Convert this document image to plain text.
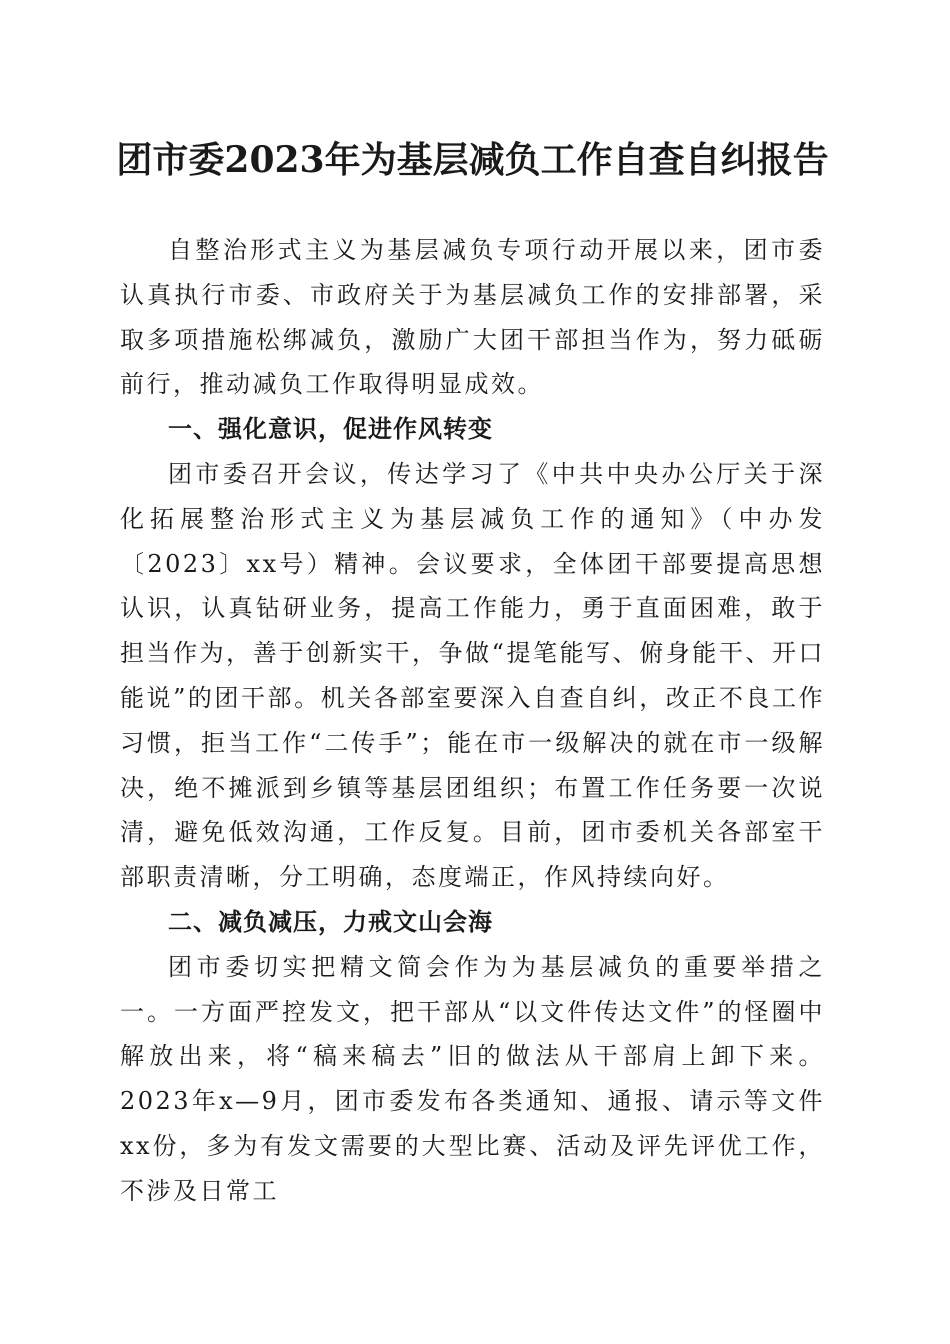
团市委2023年为基层减负工作自查自纠报告

自整治形式主义为基层减负专项行动开展以来，团市委认真执行市委、市政府关于为基层减负工作的安排部署，采取多项措施松绑减负，激励广大团干部担当作为，努力砥砺前行，推动减负工作取得明显成效。

一、强化意识，促进作风转变

团市委召开会议，传达学习了《中共中央办公厅关于深化拓展整治形式主义为基层减负工作的通知》（中办发〔2023〕xx号）精神。会议要求，全体团干部要提高思想认识，认真钻研业务，提高工作能力，勇于直面困难，敢于担当作为，善于创新实干，争做“提笔能写、俯身能干、开口能说”的团干部。机关各部室要深入自查自纠，改正不良工作习惯，拒当工作“二传手”；能在市一级解决的就在市一级解决，绝不摊派到乡镇等基层团组织；布置工作任务要一次说清，避免低效沟通，工作反复。目前，团市委机关各部室干部职责清晰，分工明确，态度端正，作风持续向好。

二、减负减压，力戒文山会海

团市委切实把精文简会作为为基层减负的重要举措之一。一方面严控发文，把干部从“以文件传达文件”的怪圈中解放出来，将“稿来稿去”旧的做法从干部肩上卸下来。2023年x—9月，团市委发布各类通知、通报、请示等文件xx份，多为有发文需要的大型比赛、活动及评先评优工作，不涉及日常工
